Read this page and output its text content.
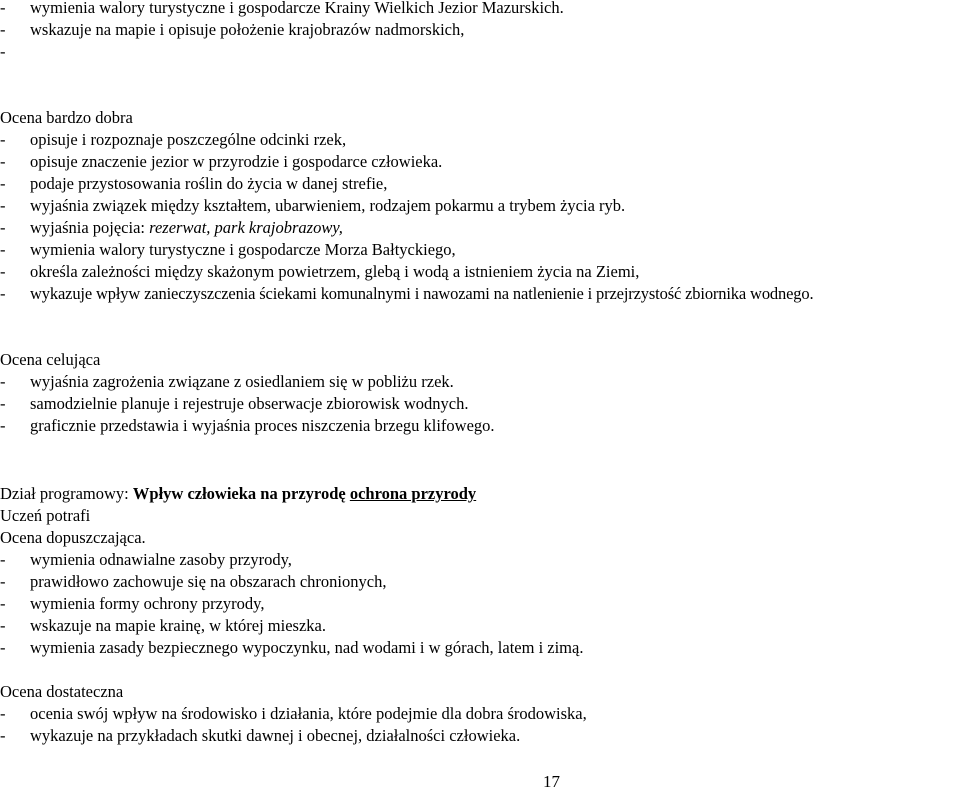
-	wymienia walory turystyczne i gospodarcze Krainy Wielkich Jezior Mazurskich.
-	wskazuje na mapie i opisuje położenie krajobrazów nadmorskich,
-
Ocena bardzo dobra
-	opisuje i rozpoznaje poszczególne odcinki rzek,
-	opisuje znaczenie jezior w przyrodzie i gospodarce człowieka.
-	podaje przystosowania roślin do życia w danej strefie,
-	wyjaśnia związek między kształtem, ubarwieniem, rodzajem pokarmu a trybem życia ryb.
-	wyjaśnia pojęcia: rezerwat, park krajobrazowy,
-	wymienia walory turystyczne i gospodarcze Morza Bałtyckiego,
-	określa zależności między skażonym powietrzem, glebą i wodą a istnieniem życia na Ziemi,
-	wykazuje wpływ zanieczyszczenia ściekami komunalnymi i nawozami na natlenienie i przejrzystość zbiornika wodnego.
Ocena celująca
-	wyjaśnia zagrożenia związane z osiedlaniem się w pobliżu rzek.
-	samodzielnie planuje i rejestruje obserwacje zbiorowisk wodnych.
-	graficznie przedstawia i wyjaśnia proces niszczenia brzegu klifowego.
Dział programowy: Wpływ człowieka na przyrodę ochrona przyrody
Uczeń potrafi
Ocena dopuszczająca.
-	wymienia odnawialne zasoby przyrody,
-	prawidłowo zachowuje się na obszarach chronionych,
-	wymienia formy ochrony przyrody,
-	wskazuje na mapie krainę, w której mieszka.
-	wymienia zasady bezpiecznego wypoczynku, nad wodami i w górach, latem i zimą.
Ocena dostateczna
-	ocenia swój wpływ na środowisko i działania, które podejmie dla dobra środowiska,
-	wykazuje na przykładach skutki dawnej i obecnej, działalności człowieka.
17
